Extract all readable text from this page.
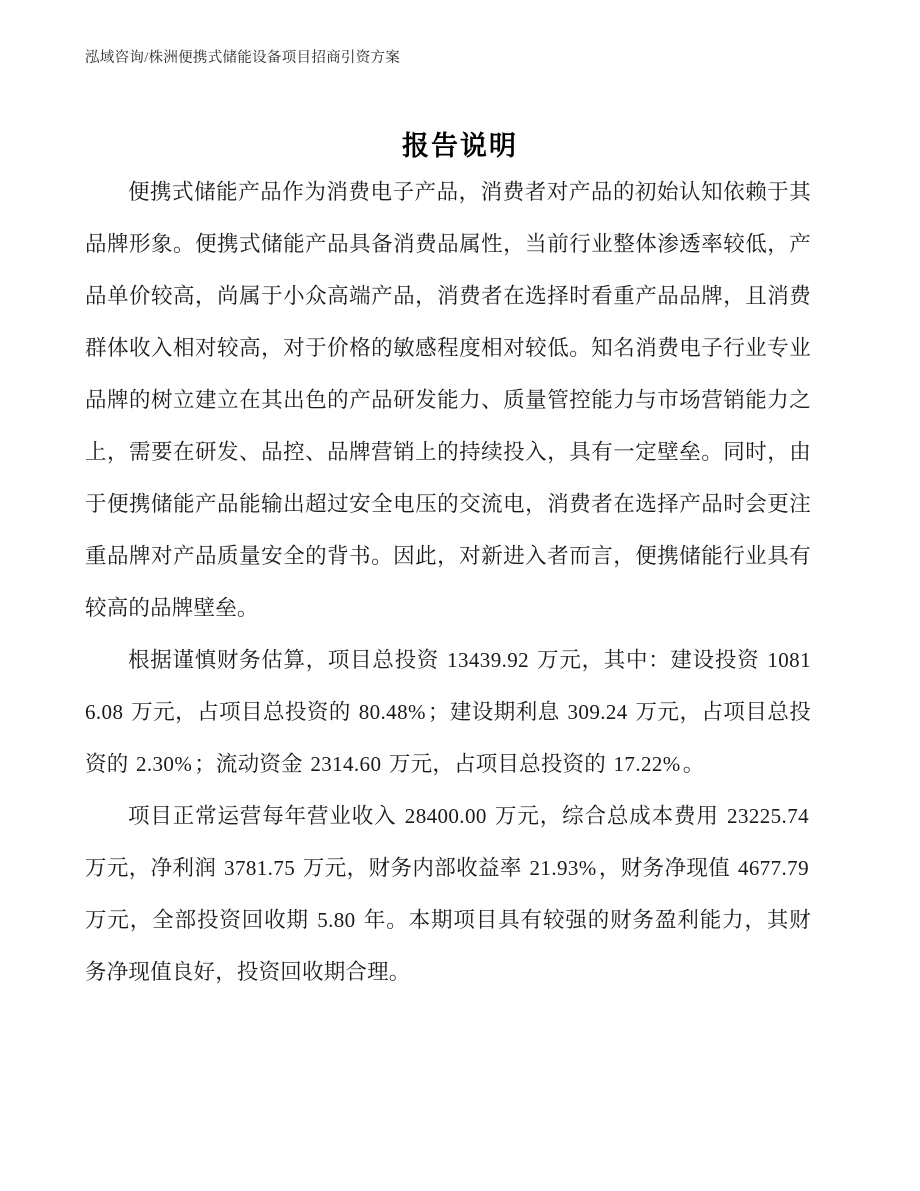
泓域咨询/株洲便携式储能设备项目招商引资方案
报告说明

便携式储能产品作为消费电子产品，消费者对产品的初始认知依赖于其品牌形象。便携式储能产品具备消费品属性，当前行业整体渗透率较低，产品单价较高，尚属于小众高端产品，消费者在选择时看重产品品牌，且消费群体收入相对较高，对于价格的敏感程度相对较低。知名消费电子行业专业品牌的树立建立在其出色的产品研发能力、质量管控能力与市场营销能力之上，需要在研发、品控、品牌营销上的持续投入，具有一定壁垒。同时，由于便携储能产品能输出超过安全电压的交流电，消费者在选择产品时会更注重品牌对产品质量安全的背书。因此，对新进入者而言，便携储能行业具有较高的品牌壁垒。

根据谨慎财务估算，项目总投资 13439.92 万元，其中：建设投资 10816.08 万元，占项目总投资的 80.48%；建设期利息 309.24 万元，占项目总投资的 2.30%；流动资金 2314.60 万元，占项目总投资的 17.22%。

项目正常运营每年营业收入 28400.00 万元，综合总成本费用 23225.74 万元，净利润 3781.75 万元，财务内部收益率 21.93%，财务净现值 4677.79 万元，全部投资回收期 5.80 年。本期项目具有较强的财务盈利能力，其财务净现值良好，投资回收期合理。
